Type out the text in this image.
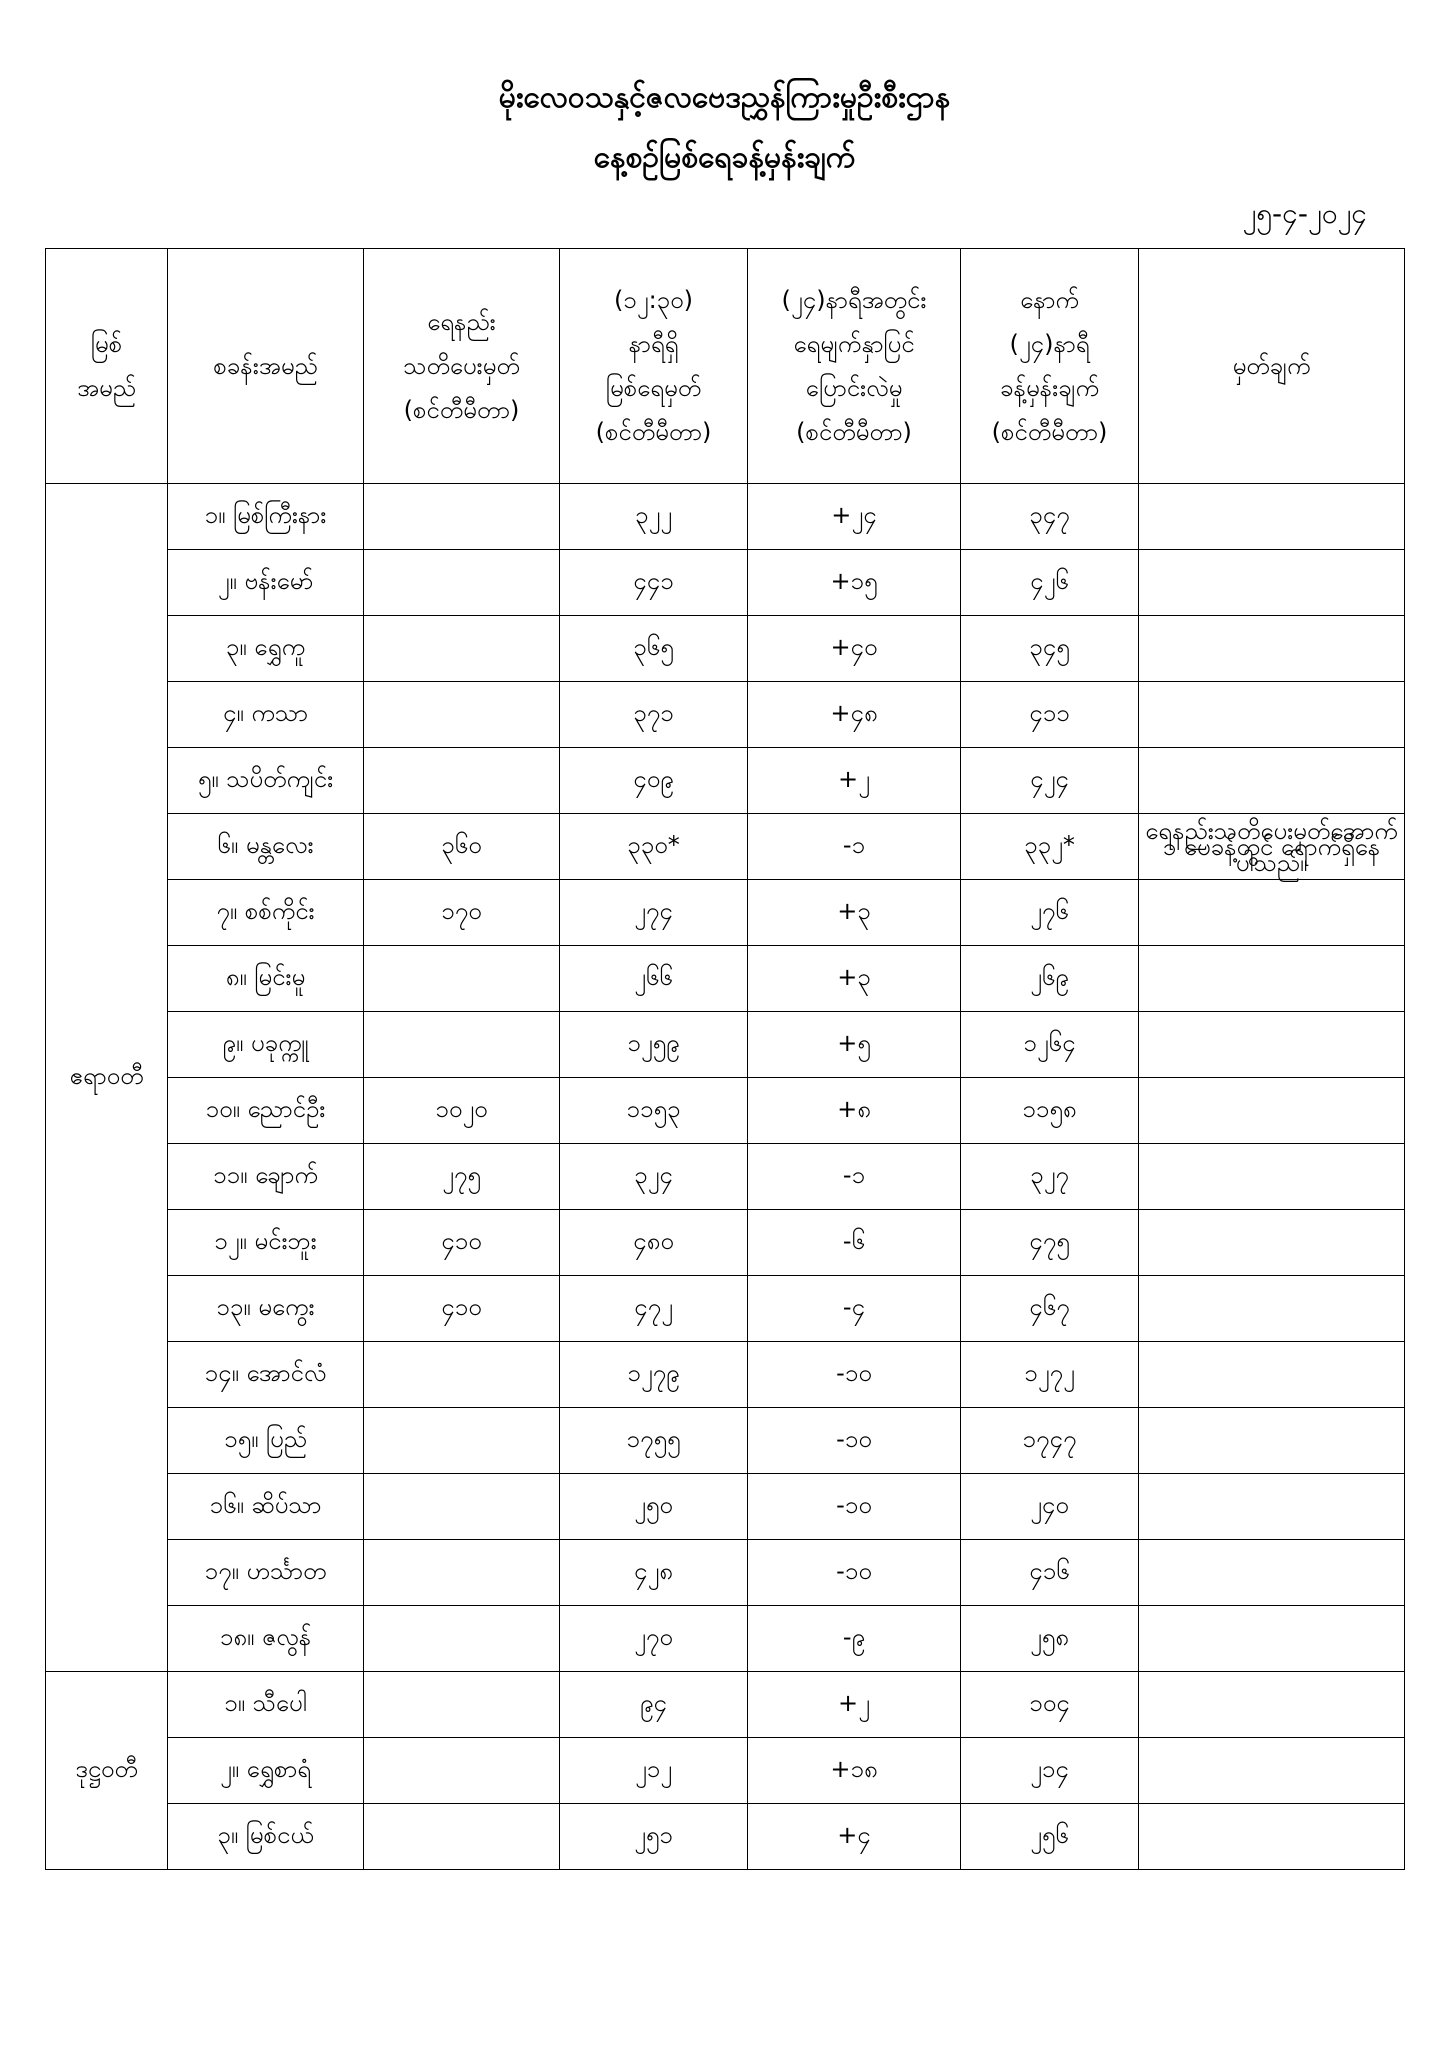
မိုးလေဝသနှင့်ဇလဗေဒညွှန်ကြားမှုဦးစီးဌာန
နေ့စဉ်မြစ်ရေခန့်မှန်းချက်
၂၅-၄-၂၀၂၄
မြစ်
အမည်	စခန်းအမည်	ရေနည်း
သတိပေးမှတ်
(စင်တီမီတာ)	(၁၂:၃၀)
နာရီရှိ
မြစ်ရေမှတ်
(စင်တီမီတာ)	(၂၄)နာရီအတွင်း
ရေမျက်နှာပြင်
ပြောင်းလဲမှု
(စင်တီမီတာ)	နောက်
(၂၄)နာရီ
ခန့်မှန်းချက်
(စင်တီမီတာ)	မှတ်ချက်

ဧရာဝတီ	၁။ မြစ်ကြီးနား		၃၂၂	+၂၄	၃၄၇	
	၂။ ဗန်းမော်		၄၄၁	+၁၅	၄၂၆	
	၃။ ရွှေကူ		၃၆၅	+၄၀	၃၄၅	
	၄။ ကသာ		၃၇၁	+၄၈	၄၁၁	
	၅။ သပိတ်ကျင်း		၄၀၉	+၂	၄၂၄	
	၆။ မန္တလေး	၃၆၀	၃၃၀*	-၁	၃၃၂*	ရေနည်းသတိပေးမှတ်အောက် ၁ ပေခန့်တွင် ရောက်ရှိနေပါသည်။
	၇။ စစ်ကိုင်း	၁၇၀	၂၇၄	+၃	၂၇၆	
	၈။ မြင်းမူ		၂၆၆	+၃	၂၆၉	
	၉။ ပခုက္ကူ		၁၂၅၉	+၅	၁၂၆၄	
	၁၀။ ညောင်ဦး	၁၀၂၀	၁၁၅၃	+၈	၁၁၅၈	
	၁၁။ ချောက်	၂၇၅	၃၂၄	-၁	၃၂၇	
	၁၂။ မင်းဘူး	၄၁၀	၄၈၀	-၆	၄၇၅	
	၁၃။ မကွေး	၄၁၀	၄၇၂	-၄	၄၆၇	
	၁၄။ အောင်လံ		၁၂၇၉	-၁၀	၁၂၇၂	
	၁၅။ ပြည်		၁၇၅၅	-၁၀	၁၇၄၇	
	၁၆။ ဆိပ်သာ		၂၅၀	-၁၀	၂၄၀	
	၁၇။ ဟင်္သာတ		၄၂၈	-၁၀	၄၁၆	
	၁၈။ ဇလွန်		၂၇၀	-၉	၂၅၈	
ဒုဋ္ဌဝတီ	၁။ သီပေါ		၉၄	+၂	၁၀၄	
	၂။ ရွှေစာရံ		၂၁၂	+၁၈	၂၁၄	
	၃။ မြစ်ငယ်		၂၅၁	+၄	၂၅၆	
